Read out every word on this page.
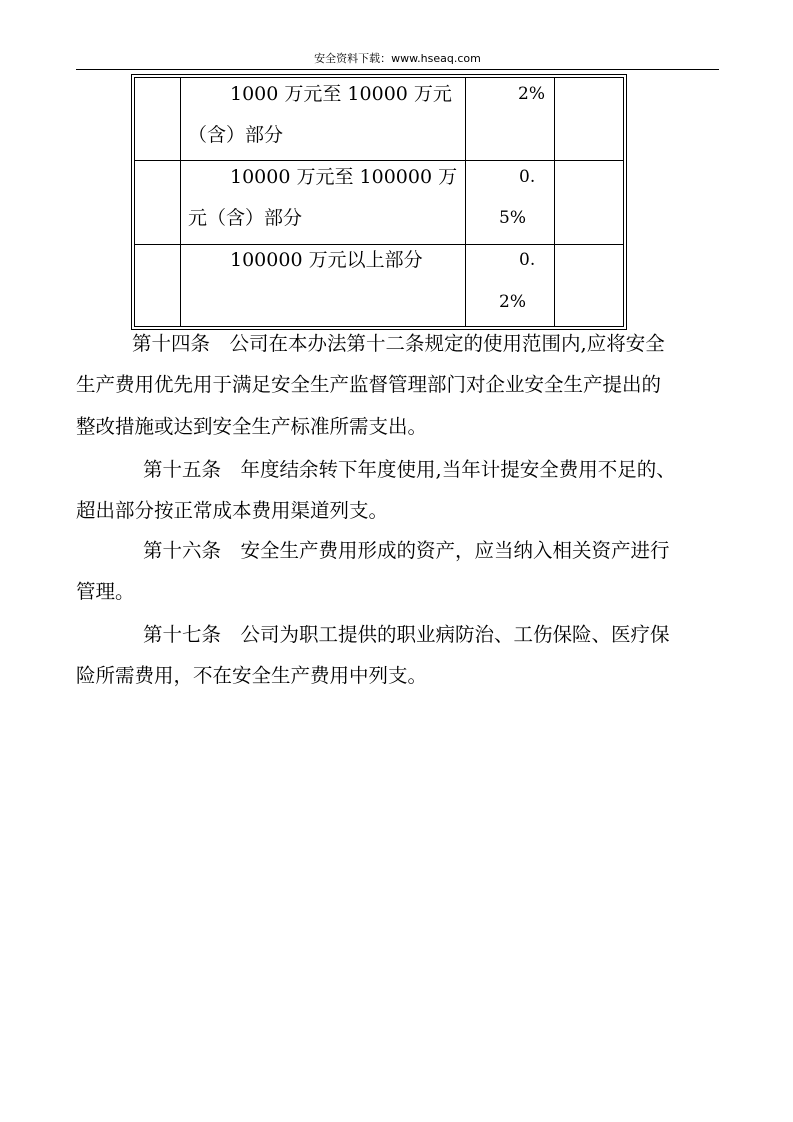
安全资料下载：www.hseaq.com
1000 万元至 10000 万元
（含）部分
2%
10000 万元至 100000 万
元（含）部分
0.
5%
100000 万元以上部分	0.
2%
第十四条　公司在本办法第十二条规定的使用范围内,应将安全
生产费用优先用于满足安全生产监督管理部门对企业安全生产提出的
整改措施或达到安全生产标准所需支出。
第十五条　年度结余转下年度使用,当年计提安全费用不足的、
超出部分按正常成本费用渠道列支。
第十六条　安全生产费用形成的资产，应当纳入相关资产进行
管理。
第十七条　公司为职工提供的职业病防治、工伤保险、医疗保
险所需费用，不在安全生产费用中列支。
